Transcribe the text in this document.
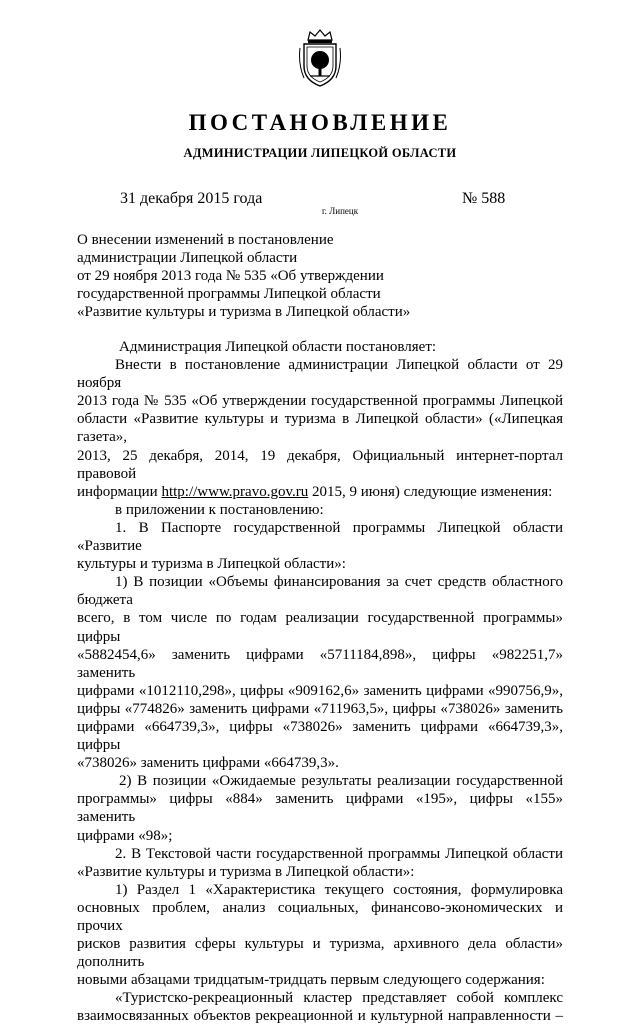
ПОСТАНОВЛЕНИЕ
АДМИНИСТРАЦИИ ЛИПЕЦКОЙ ОБЛАСТИ
31 декабря 2015 года
г. Липецк
№ 588
О внесении изменений в постановление
администрации Липецкой области
от 29 ноября 2013 года № 535 «Об утверждении
государственной программы Липецкой области
«Развитие культуры и туризма в Липецкой области»

Администрация Липецкой области постановляет:

Внести в постановление администрации Липецкой области от 29 ноября

2013 года № 535 «Об утверждении государственной программы Липецкой

области «Развитие культуры и туризма в Липецкой области» («Липецкая газета»,

2013, 25 декабря, 2014, 19 декабря, Официальный интернет-портал правовой

информации http://www.pravo.gov.ru 2015, 9 июня) следующие изменения:

в приложении к постановлению:

1. В Паспорте государственной программы Липецкой области «Развитие

культуры и туризма в Липецкой области»:

1) В позиции «Объемы финансирования за счет средств областного бюджета

всего, в том числе по годам реализации государственной программы» цифры

«5882454,6» заменить цифрами «5711184,898», цифры «982251,7» заменить

цифрами «1012110,298», цифры «909162,6» заменить цифрами «990756,9»,

цифры «774826» заменить цифрами «711963,5», цифры «738026» заменить

цифрами «664739,3», цифры «738026» заменить цифрами «664739,3», цифры

«738026» заменить цифрами «664739,3».

2) В позиции «Ожидаемые результаты реализации государственной

программы» цифры «884» заменить цифрами «195», цифры «155» заменить

цифрами «98»;

2. В Текстовой части государственной программы Липецкой области

«Развитие культуры и туризма в Липецкой области»:

1) Раздел 1 «Характеристика текущего состояния, формулировка

основных проблем, анализ социальных, финансово-экономических и прочих

рисков развития сферы культуры и туризма, архивного дела области» дополнить

новыми абзацами тридцатым-тридцать первым следующего содержания:

«Туристско-рекреационный кластер представляет собой комплекс

взаимосвязанных объектов рекреационной и культурной направленности –
